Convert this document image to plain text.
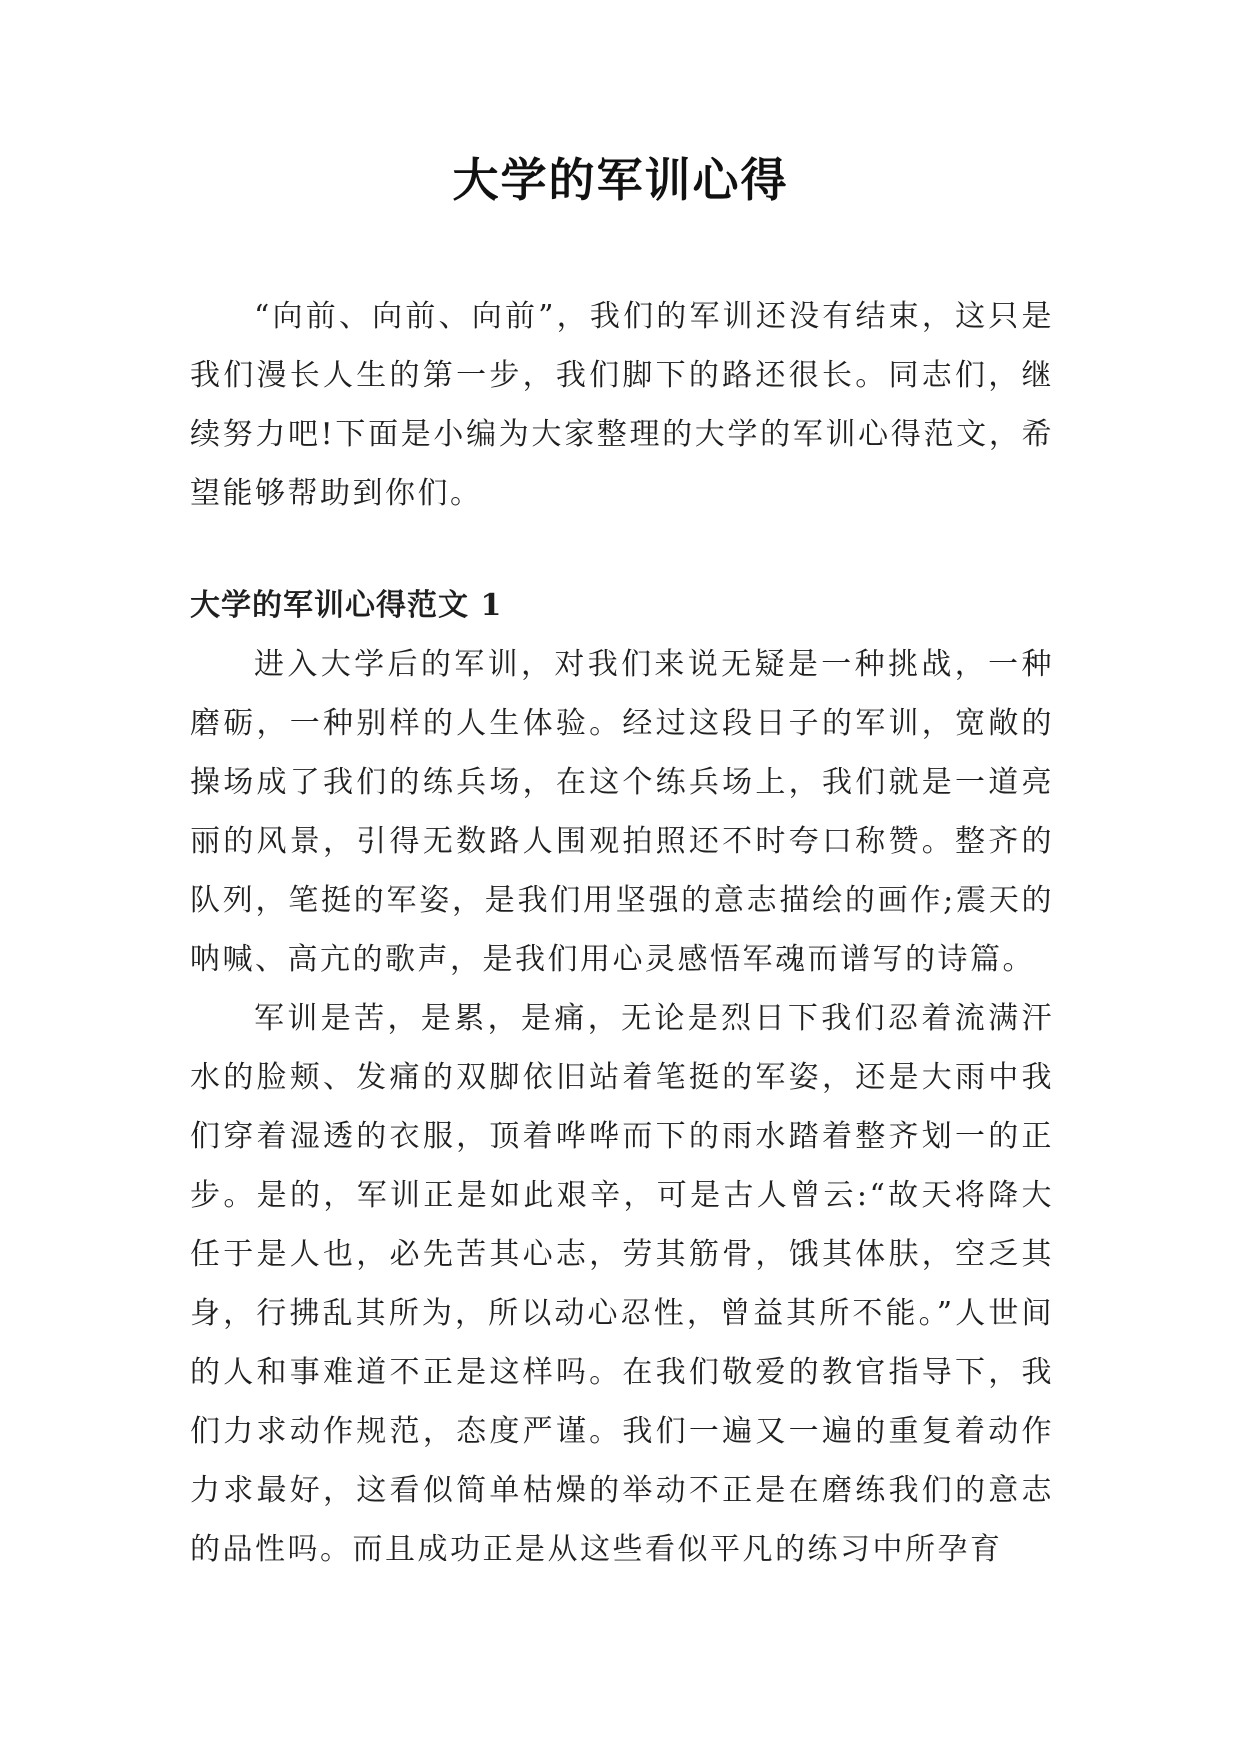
大学的军训心得

“向前、向前、向前”，我们的军训还没有结束，这只是我们漫长人生的第一步，我们脚下的路还很长。同志们，继续努力吧!下面是小编为大家整理的大学的军训心得范文，希望能够帮助到你们。

大学的军训心得范文 1

进入大学后的军训，对我们来说无疑是一种挑战，一种磨砺，一种别样的人生体验。经过这段日子的军训，宽敞的操场成了我们的练兵场，在这个练兵场上，我们就是一道亮丽的风景，引得无数路人围观拍照还不时夸口称赞。整齐的队列，笔挺的军姿，是我们用坚强的意志描绘的画作;震天的呐喊、高亢的歌声，是我们用心灵感悟军魂而谱写的诗篇。

军训是苦，是累，是痛，无论是烈日下我们忍着流满汗水的脸颊、发痛的双脚依旧站着笔挺的军姿，还是大雨中我们穿着湿透的衣服，顶着哗哗而下的雨水踏着整齐划一的正步。是的，军训正是如此艰辛，可是古人曾云:“故天将降大任于是人也，必先苦其心志，劳其筋骨，饿其体肤，空乏其身，行拂乱其所为，所以动心忍性，曾益其所不能。”人世间的人和事难道不正是这样吗。在我们敬爱的教官指导下，我们力求动作规范，态度严谨。我们一遍又一遍的重复着动作力求最好，这看似简单枯燥的举动不正是在磨练我们的意志的品性吗。而且成功正是从这些看似平凡的练习中所孕育
